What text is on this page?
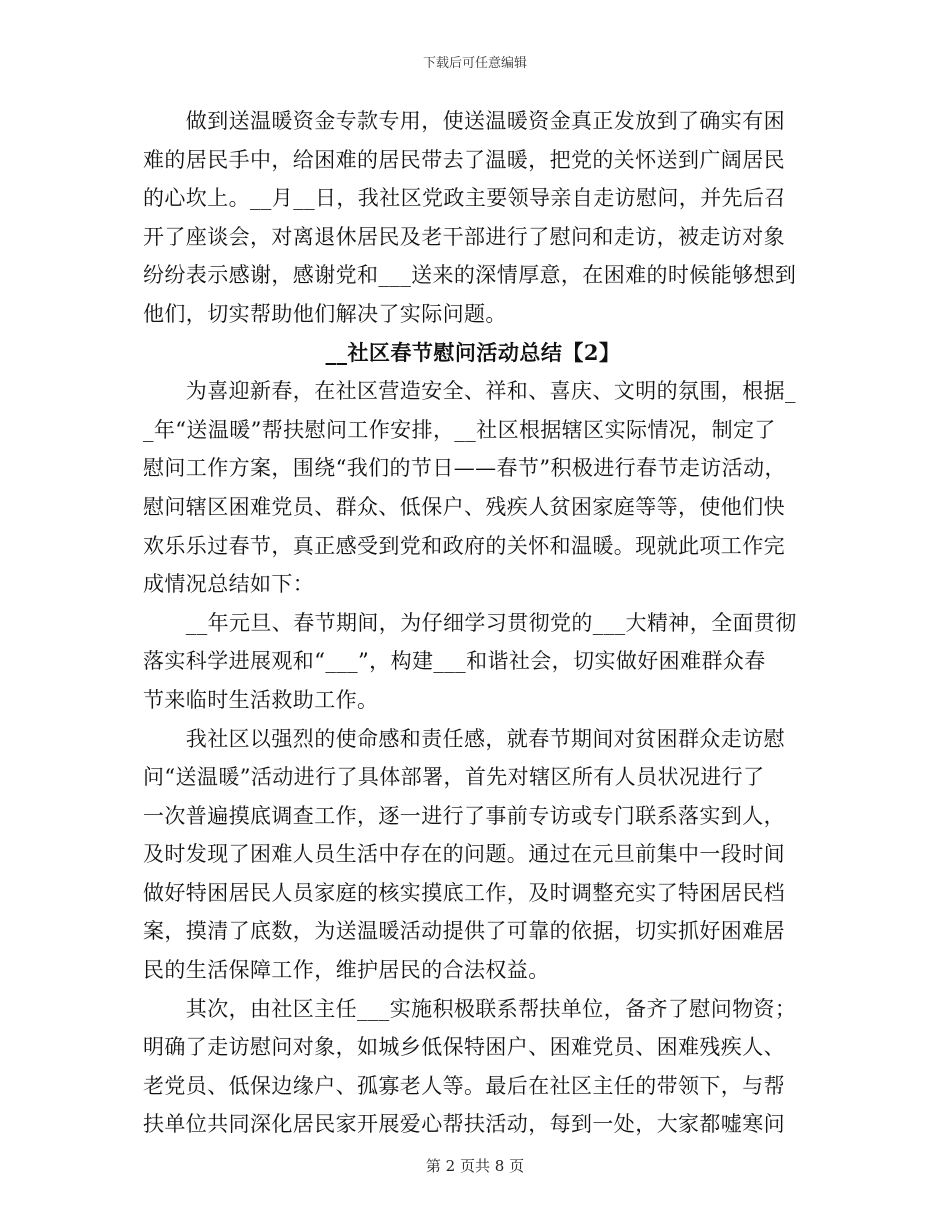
下载后可任意编辑
　　做到送温暖资金专款专用，使送温暖资金真正发放到了确实有困
难的居民手中，给困难的居民带去了温暖，把党的关怀送到广阔居民
的心坎上。__月__日，我社区党政主要领导亲自走访慰问，并先后召
开了座谈会，对离退休居民及老干部进行了慰问和走访，被走访对象
纷纷表示感谢，感谢党和___送来的深情厚意，在困难的时候能够想到
他们，切实帮助他们解决了实际问题。
__社区春节慰问活动总结【2】
　　为喜迎新春，在社区营造安全、祥和、喜庆、文明的氛围，根据_
_年“送温暖”帮扶慰问工作安排，__社区根据辖区实际情况，制定了
慰问工作方案，围绕“我们的节日——春节”积极进行春节走访活动，
慰问辖区困难党员、群众、低保户、残疾人贫困家庭等等，使他们快
欢乐乐过春节，真正感受到党和政府的关怀和温暖。现就此项工作完
成情况总结如下：
　　__年元旦、春节期间，为仔细学习贯彻党的___大精神，全面贯彻
落实科学进展观和“___”，构建___和谐社会，切实做好困难群众春
节来临时生活救助工作。
　　我社区以强烈的使命感和责任感，就春节期间对贫困群众走访慰
问“送温暖”活动进行了具体部署，首先对辖区所有人员状况进行了
一次普遍摸底调查工作，逐一进行了事前专访或专门联系落实到人，
及时发现了困难人员生活中存在的问题。通过在元旦前集中一段时间
做好特困居民人员家庭的核实摸底工作，及时调整充实了特困居民档
案，摸清了底数，为送温暖活动提供了可靠的依据，切实抓好困难居
民的生活保障工作，维护居民的合法权益。
　　其次，由社区主任___实施积极联系帮扶单位，备齐了慰问物资；
明确了走访慰问对象，如城乡低保特困户、困难党员、困难残疾人、
老党员、低保边缘户、孤寡老人等。最后在社区主任的带领下，与帮
扶单位共同深化居民家开展爱心帮扶活动，每到一处，大家都嘘寒问
第 2 页共 8 页
